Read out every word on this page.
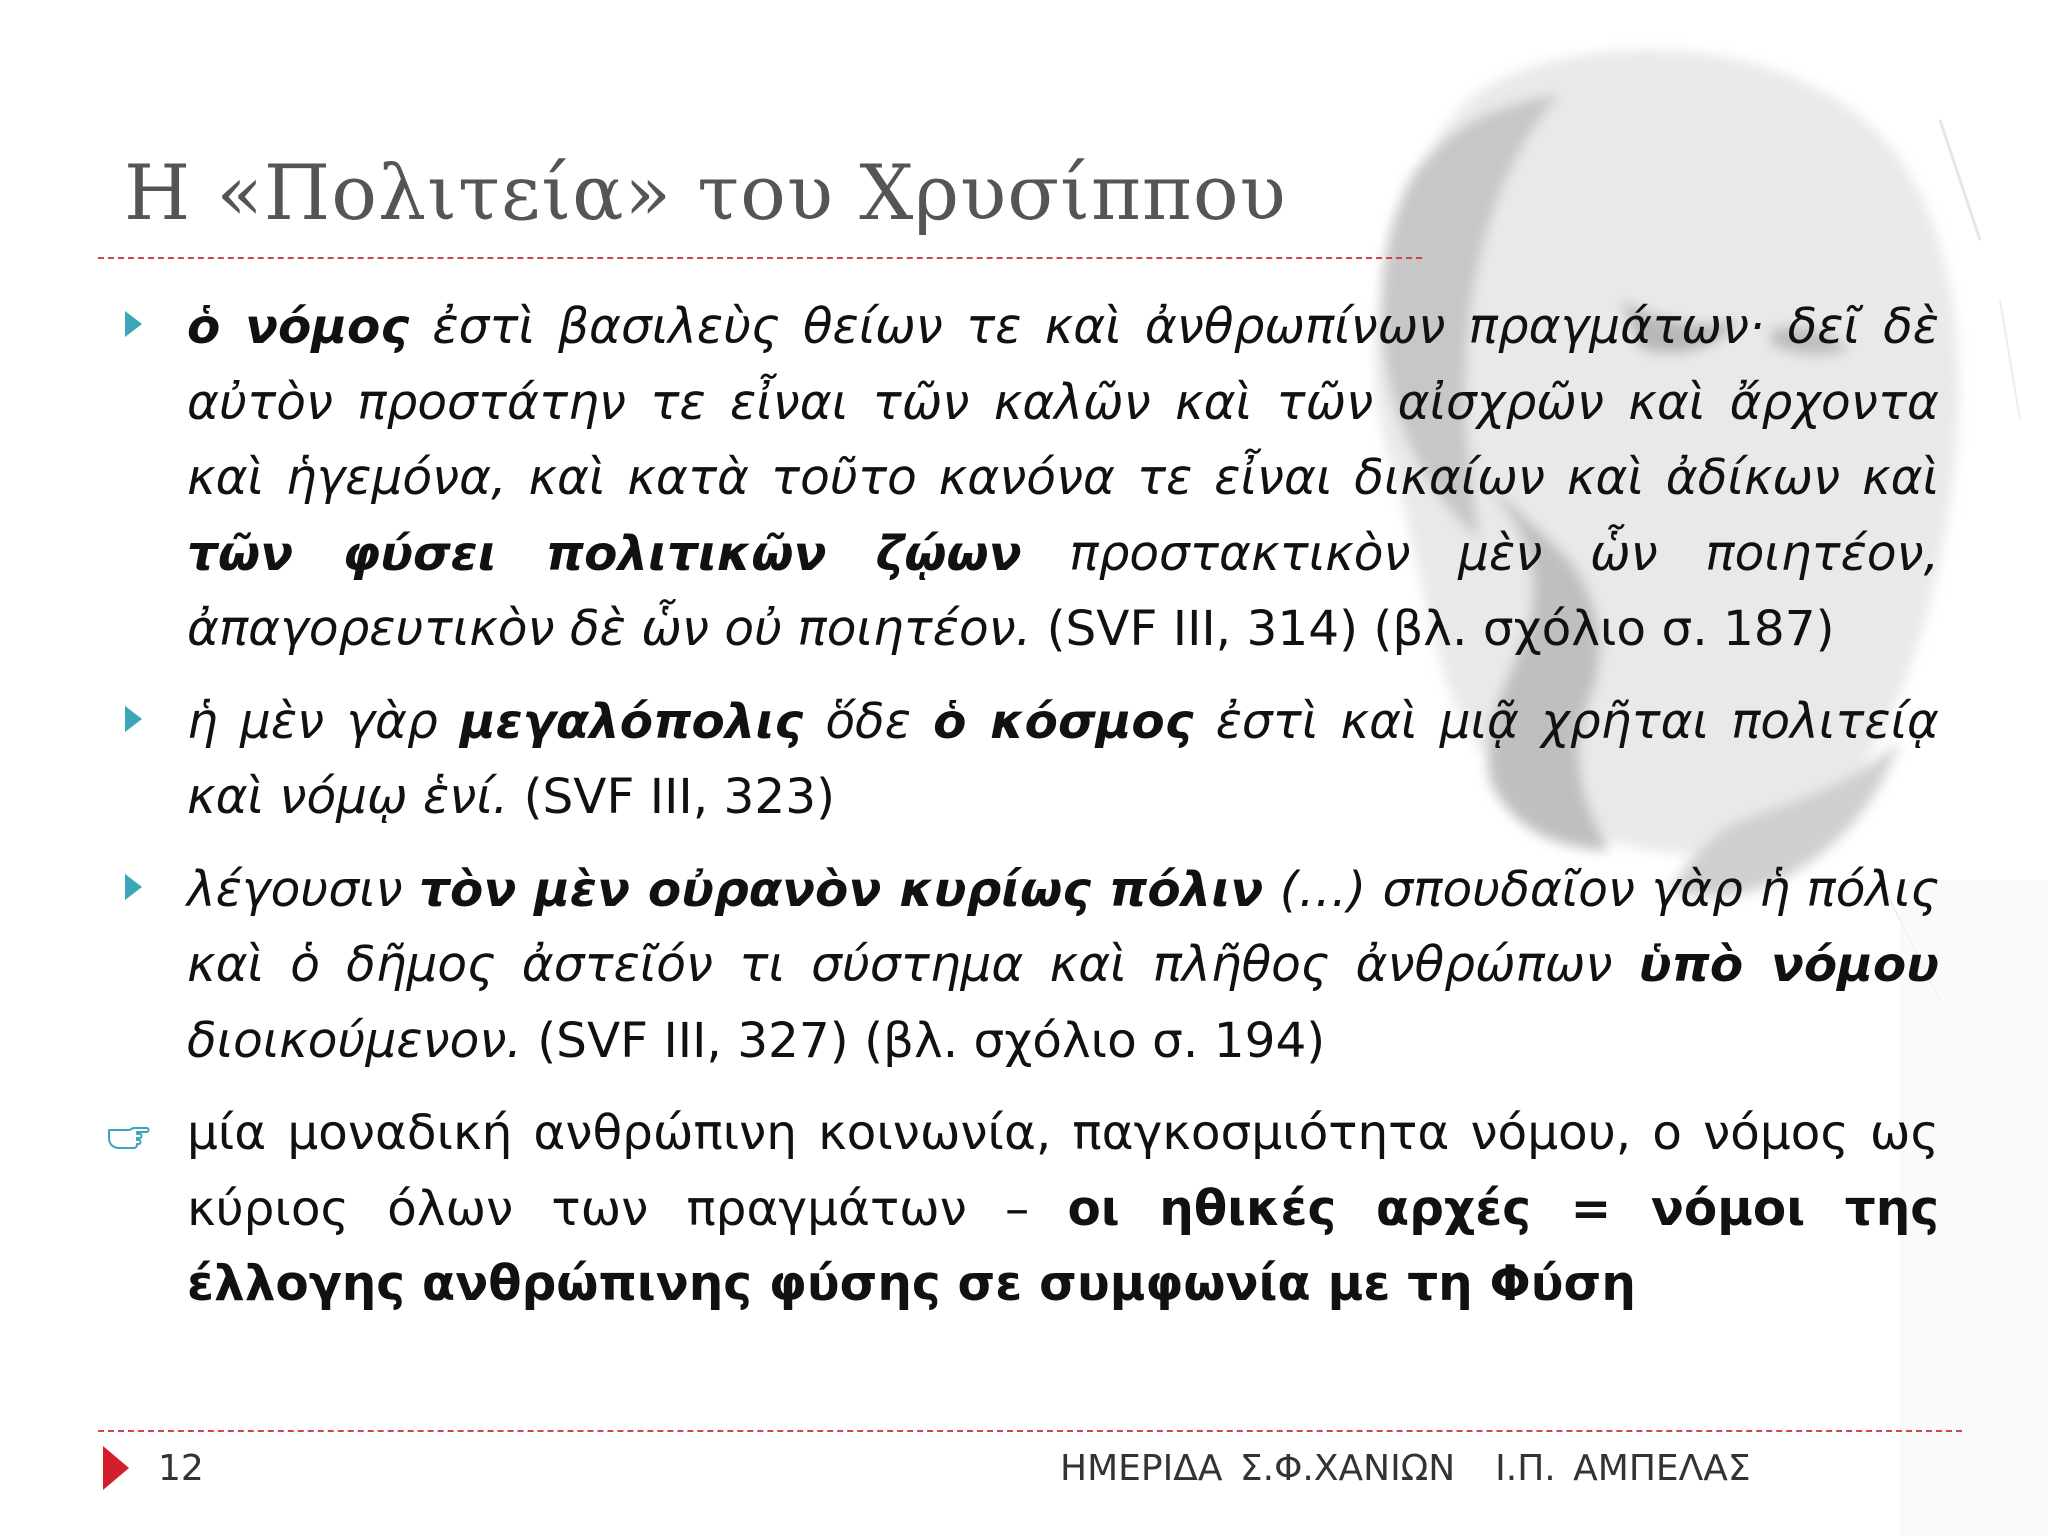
Η «Πολιτεία» του Χρυσίππου
ὁ νόμος ἐστὶ βασιλεὺς θείων τε καὶ ἀνθρωπίνων πραγμάτων· δεῖ δὲ αὐτὸν προστάτην τε εἶναι τῶν καλῶν καὶ τῶν αἰσχρῶν καὶ ἄρχοντα καὶ ἡγεμόνα, καὶ κατὰ τοῦτο κανόνα τε εἶναι δικαίων καὶ ἀδίκων καὶ τῶν φύσει πολιτικῶν ζῴων προστακτικὸν μὲν ὧν ποιητέον, ἀπαγορευτικὸν δὲ ὧν οὐ ποιητέον. (SVF III, 314) (βλ. σχόλιο σ. 187)
ἡ μὲν γὰρ μεγαλόπολις ὅδε ὁ κόσμος ἐστὶ καὶ μιᾷ χρῆται πολιτείᾳ καὶ νόμῳ ἑνί. (SVF III, 323)
λέγουσιν τὸν μὲν οὐρανὸν κυρίως πόλιν (…) σπουδαῖον γὰρ ἡ πόλις καὶ ὁ δῆμος ἀστεῖόν τι σύστημα καὶ πλῆθος ἀνθρώπων ὑπὸ νόμου διοικούμενον. (SVF III, 327) (βλ. σχόλιο σ. 194)
μία μοναδική ανθρώπινη κοινωνία, παγκοσμιότητα νόμου, ο νόμος ως κύριος όλων των πραγμάτων – οι ηθικές αρχές = νόμοι της έλλογης ανθρώπινης φύσης σε συμφωνία με τη Φύση
12	ΗΜΕΡΙΔΑ Σ.Φ.ΧΑΝΙΩΝ Ι.Π. ΑΜΠΕΛΑΣ
